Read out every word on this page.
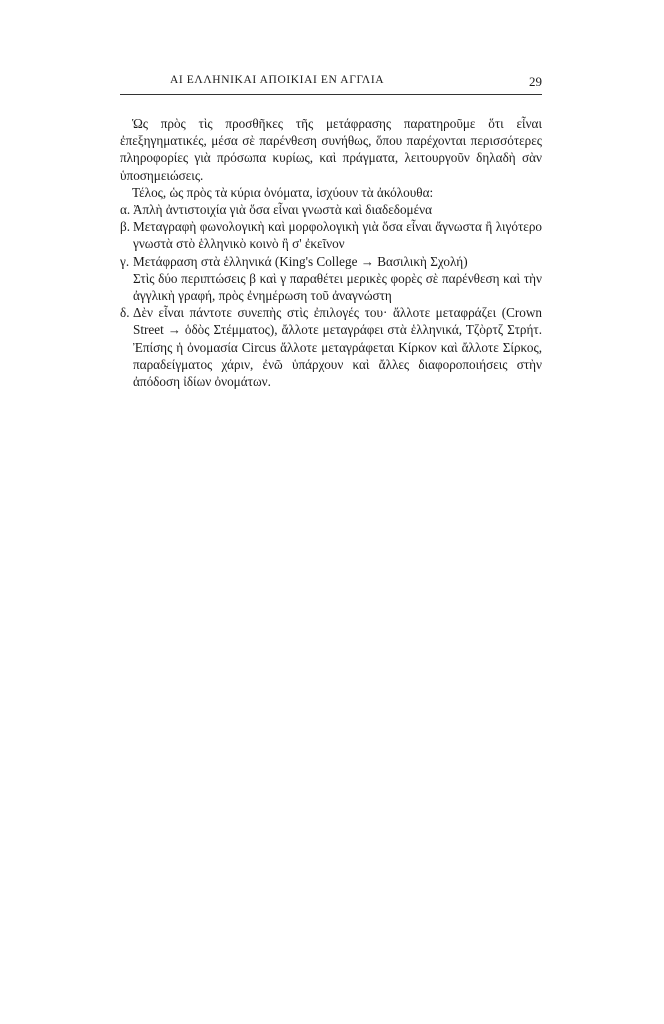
ΑΙ ΕΛΛΗΝΙΚΑΙ ΑΠΟΙΚΙΑΙ ΕΝ ΑΓΓΛΙΑ	29

Ὡς πρὸς τὶς προσθῆκες τῆς μετάφρασης παρατηροῦμε ὅτι εἶναι ἐπεξηγηματικές, μέσα σὲ παρένθεση συνήθως, ὅπου παρέχονται περισσότερες πληροφορίες γιὰ πρόσωπα κυρίως, καὶ πράγματα, λειτουργοῦν δηλαδὴ σὰν ὑποσημειώσεις.

Τέλος, ὡς πρὸς τὰ κύρια ὀνόματα, ἰσχύουν τὰ ἀκόλουθα:

α. Ἀπλὴ ἀντιστοιχία γιὰ ὅσα εἶναι γνωστὰ καὶ διαδεδομένα
β. Μεταγραφὴ φωνολογικὴ καὶ μορφολογικὴ γιὰ ὅσα εἶναι ἄγνωστα ἢ λιγότερο γνωστὰ στὸ ἑλληνικὸ κοινὸ ἢ σ' ἐκεῖνον
γ. Μετάφραση στὰ ἑλληνικά (King's College → Βασιλικὴ Σχολή)
Στὶς δύο περιπτώσεις β καὶ γ παραθέτει μερικὲς φορὲς σὲ παρένθεση καὶ τὴν ἀγγλικὴ γραφή, πρὸς ἐνημέρωση τοῦ ἀναγνώστη
δ. Δὲν εἶναι πάντοτε συνεπὴς στὶς ἐπιλογές του· ἄλλοτε μεταφράζει (Crown Street → ὁδὸς Στέμματος), ἄλλοτε μεταγράφει στὰ ἑλληνικά, Τζὸρτζ Στρήτ. Ἐπίσης ἡ ὀνομασία Circus ἄλλοτε μεταγράφεται Κίρκον καὶ ἄλλοτε Σίρκος, παραδείγματος χάριν, ἐνῶ ὑπάρχουν καὶ ἄλλες διαφοροποιήσεις στὴν ἀπόδοση ἰδίων ὀνομάτων.
